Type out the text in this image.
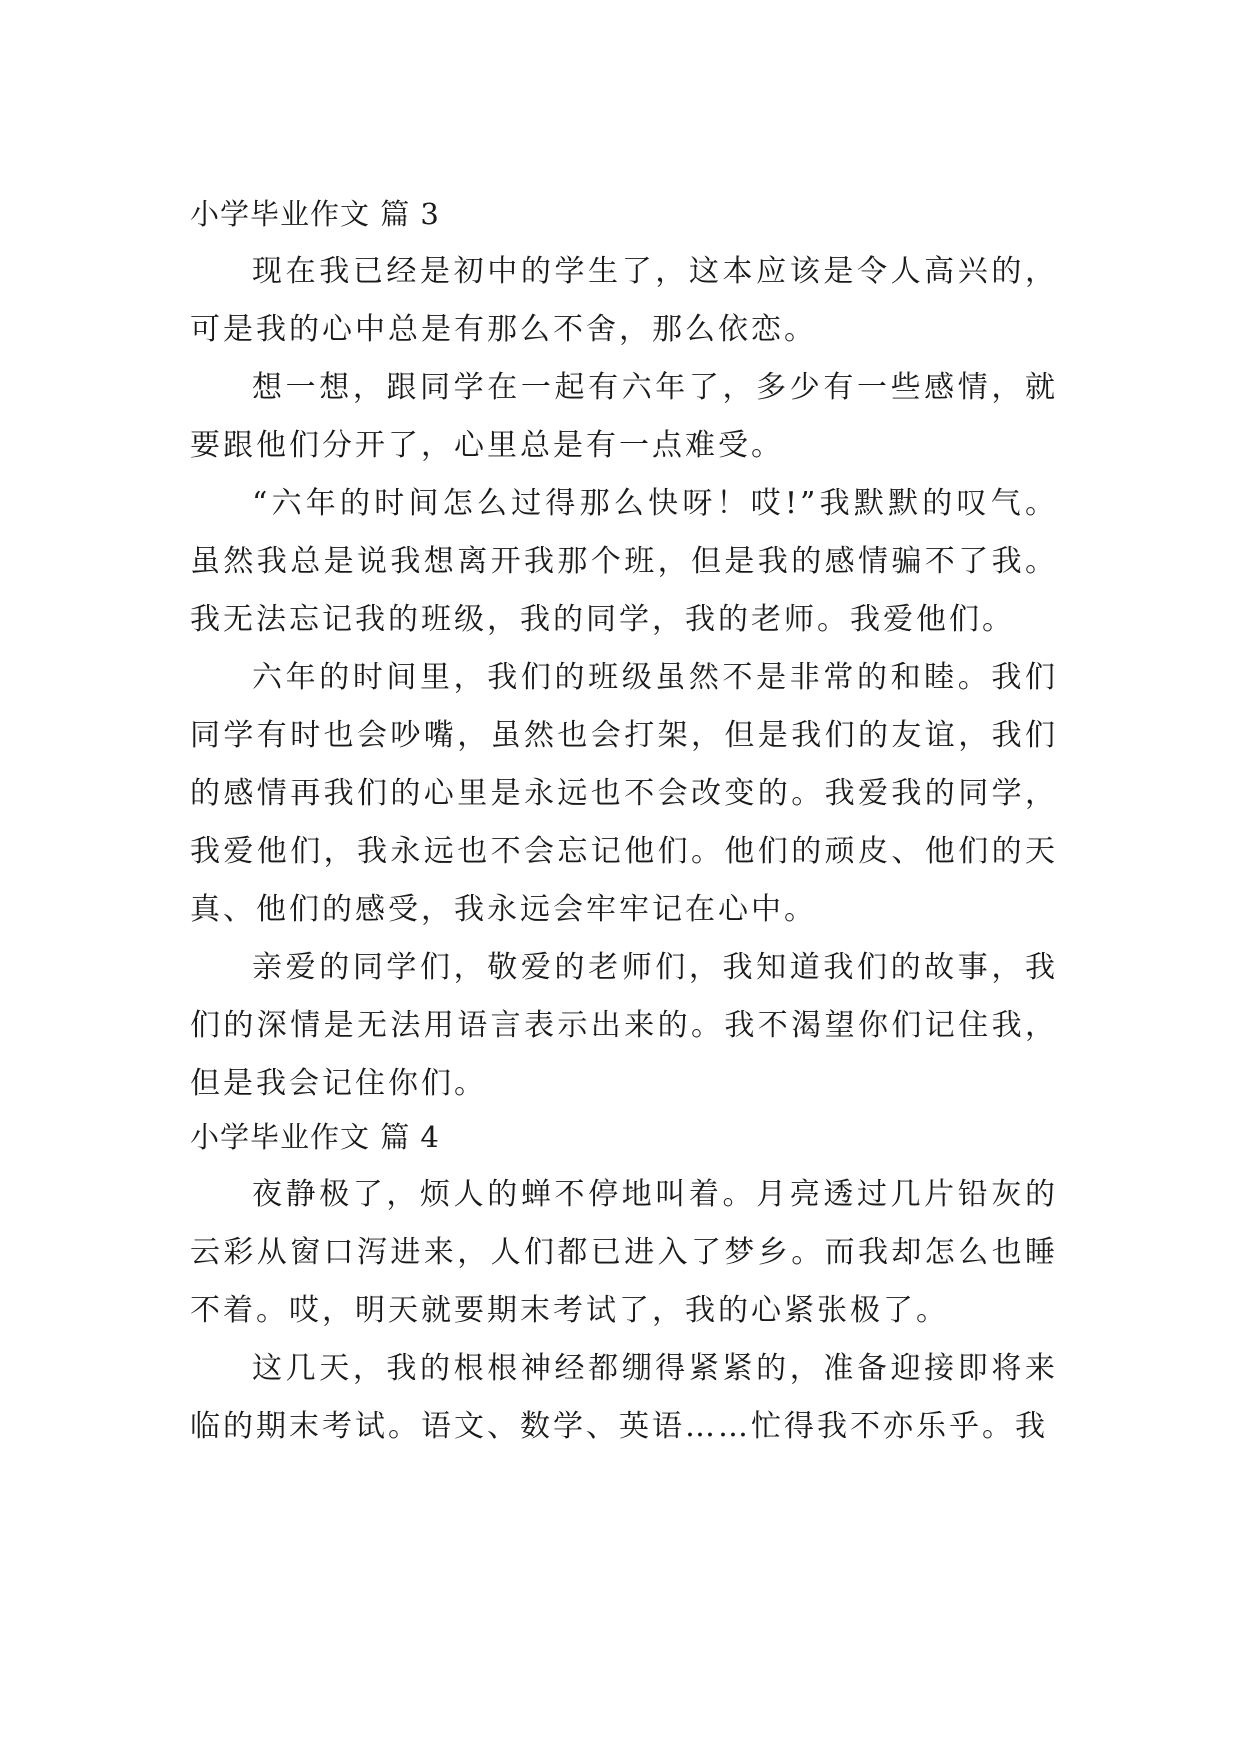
小学毕业作文 篇 3

现在我已经是初中的学生了，这本应该是令人高兴的，可是我的心中总是有那么不舍，那么依恋。

想一想，跟同学在一起有六年了，多少有一些感情，就要跟他们分开了，心里总是有一点难受。

“六年的时间怎么过得那么快呀！哎!”我默默的叹气。虽然我总是说我想离开我那个班，但是我的感情骗不了我。我无法忘记我的班级，我的同学，我的老师。我爱他们。

六年的时间里，我们的班级虽然不是非常的和睦。我们同学有时也会吵嘴，虽然也会打架，但是我们的友谊，我们的感情再我们的心里是永远也不会改变的。我爱我的同学，我爱他们，我永远也不会忘记他们。他们的顽皮、他们的天真、他们的感受，我永远会牢牢记在心中。

亲爱的同学们，敬爱的老师们，我知道我们的故事，我们的深情是无法用语言表示出来的。我不渴望你们记住我，但是我会记住你们。

小学毕业作文 篇 4

夜静极了，烦人的蝉不停地叫着。月亮透过几片铅灰的云彩从窗口泻进来，人们都已进入了梦乡。而我却怎么也睡不着。哎，明天就要期末考试了，我的心紧张极了。

这几天，我的根根神经都绷得紧紧的，准备迎接即将来临的期末考试。语文、数学、英语……忙得我不亦乐乎。我
